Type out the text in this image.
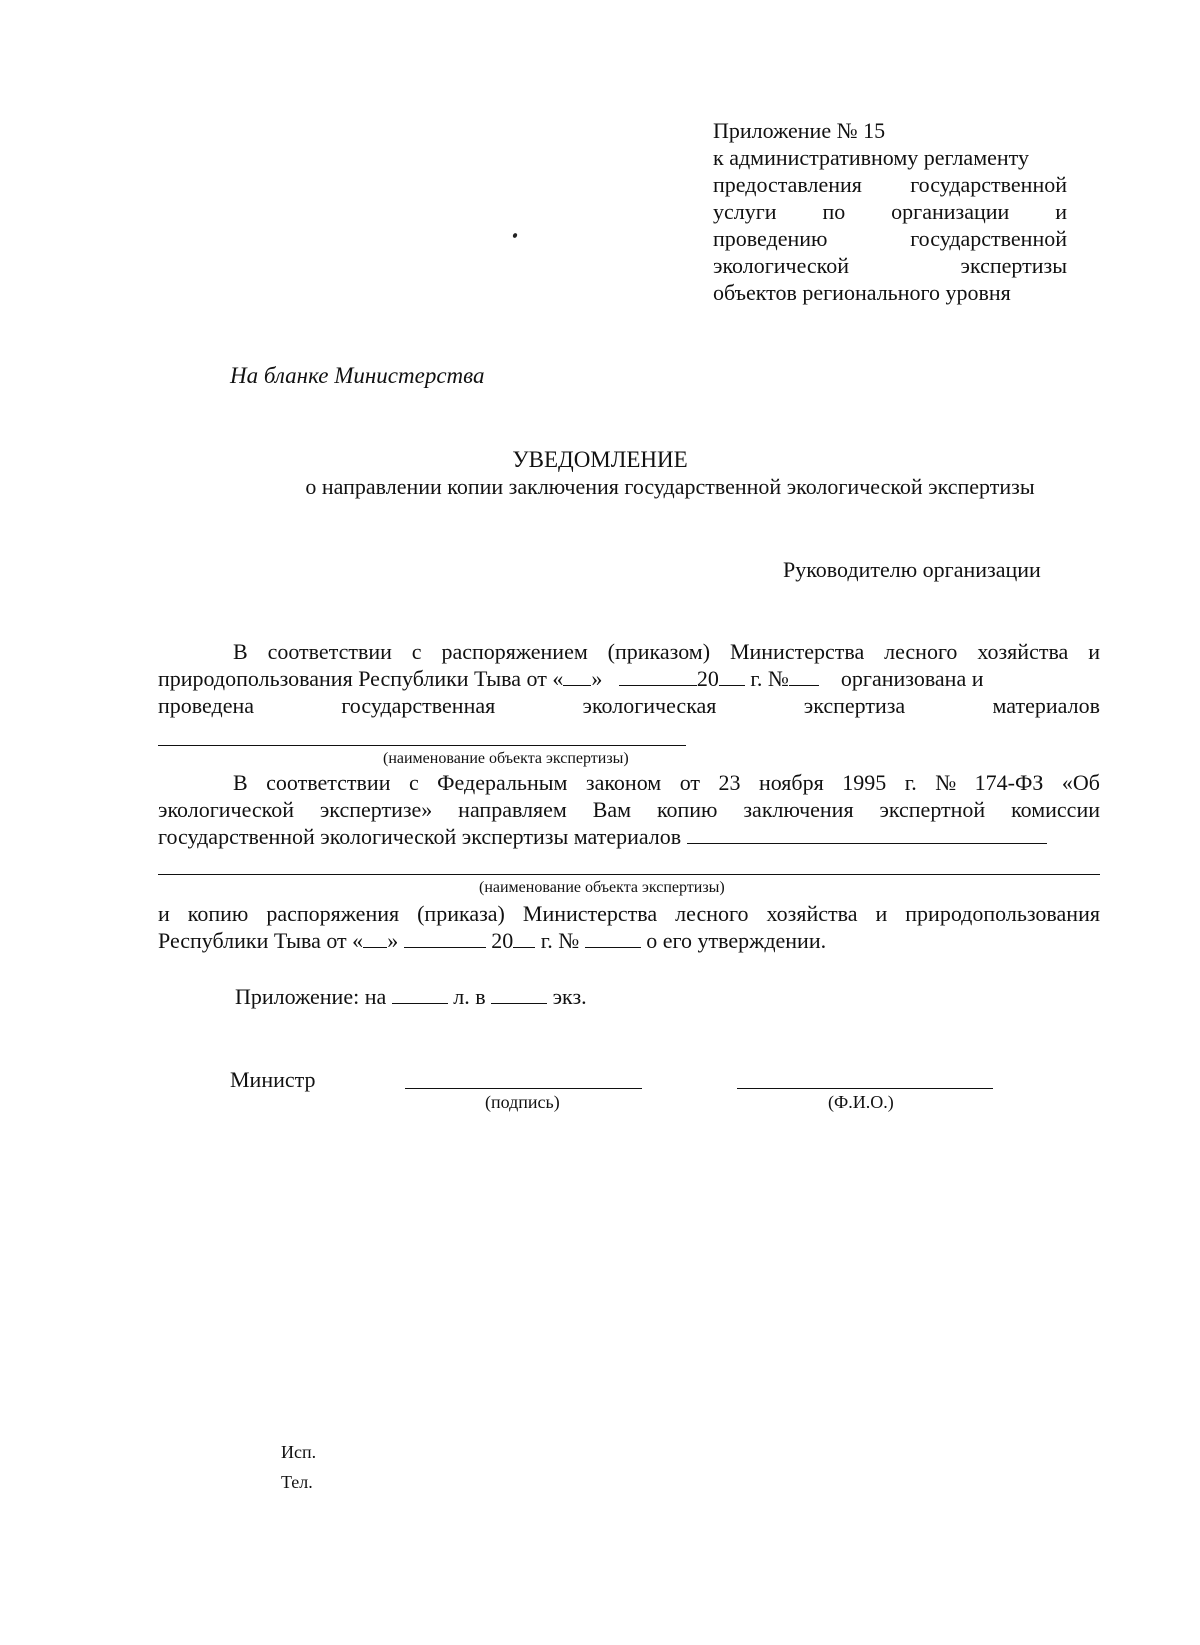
Приложение № 15
к административному регламенту
предоставления государственной
услуги по организации и
проведению	государственной
экологической	экспертизы
объектов регионального уровня
На бланке Министерства
УВЕДОМЛЕНИЕ
о направлении копии заключения государственной экологической экспертизы
Руководителю организации
В соответствии с распоряжением (приказом) Министерства лесного хозяйства и
природопользования Республики Тыва от « »	20 г. № организована и
проведена	государственная	экологическая	экспертиза	материалов
(наименование объекта экспертизы)
В соответствии с Федеральным законом от 23 ноября 1995 г. № 174-ФЗ «Об
экологической экспертизе» направляем Вам копию заключения экспертной комиссии
государственной экологической экспертизы материалов
(наименование объекта экспертизы)
и копию распоряжения (приказа) Министерства лесного хозяйства и природопользования
Республики Тыва от « »	20 г. №	о его утверждении.
Приложение: на	л. в	экз.
Министр
(подпись)	(Ф.И.О.)
Исп.
Тел.
